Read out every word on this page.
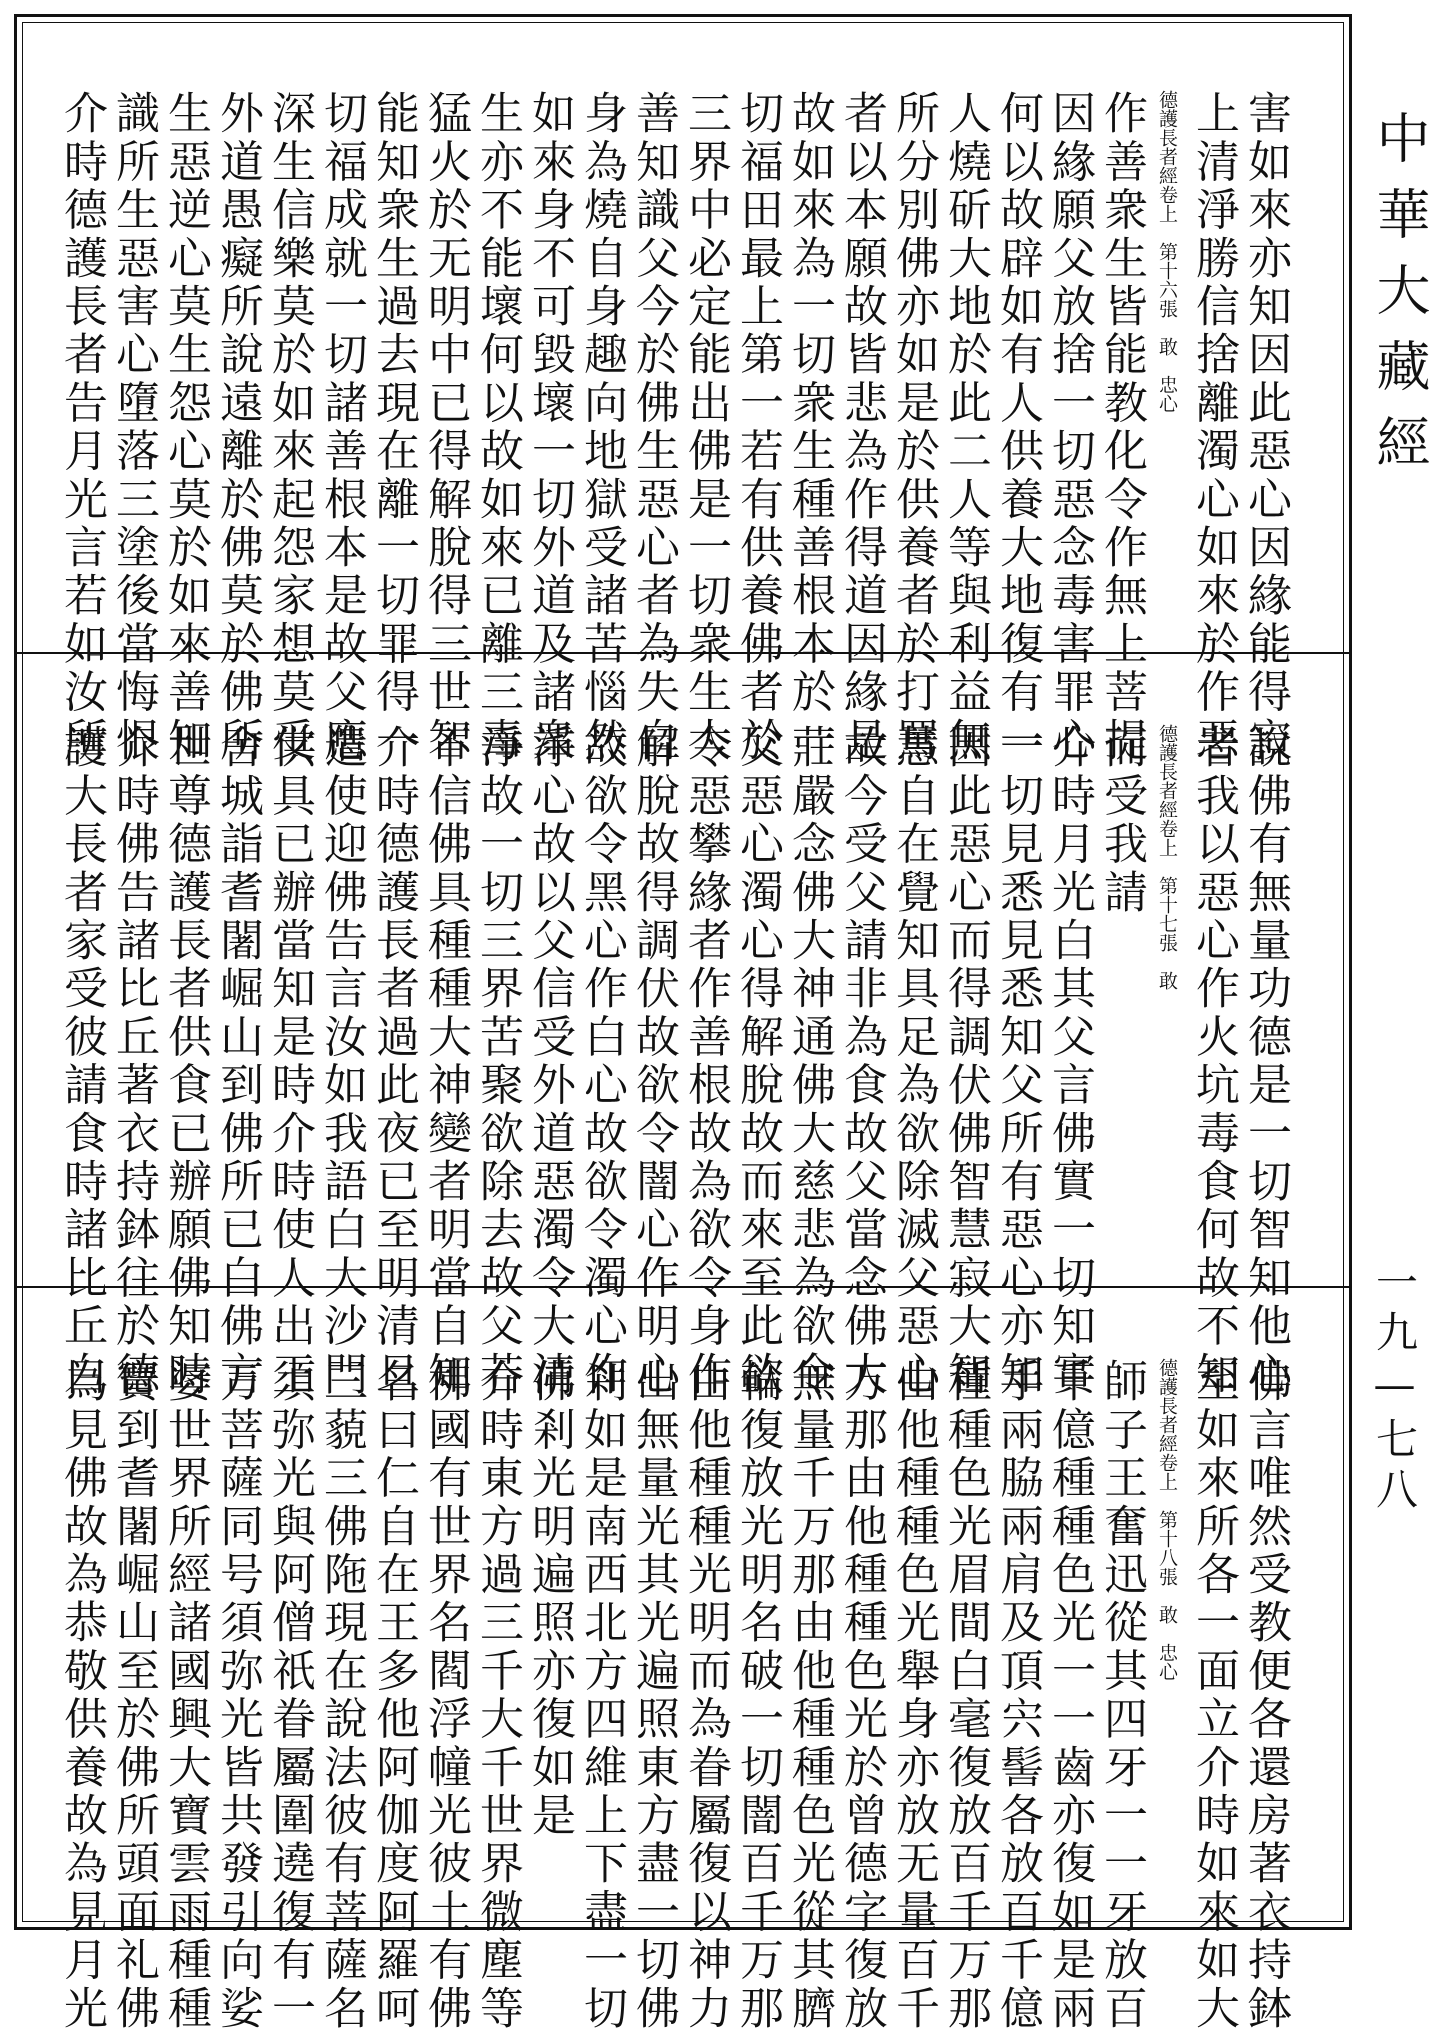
害如來亦知因此惡心因緣能得寂
上清淨勝信捨離濁心如來於作惡
德護長者經卷上　第十六張　敢　忠心
作善衆生皆能教化令作無上菩提
因緣願父放捨一切惡念毒害罪心
何以故辟如有人供養大地復有一
人燒斫大地於此二人等與利益無
所分別佛亦如是於供養者於打罵
者以本願故皆悲為作得道因緣是
故如來為一切衆生種善根本於一
切福田最上第一若有供養佛者於
三界中必定能出佛是一切衆生大
善知識父今於佛生惡心者為失自
身為燒自身趣向地獄受諸苦惱然
如來身不可毀壞一切外道及諸衆
生亦不能壞何以故如來已離三毒
猛火於无明中已得解脫得三世智
能知衆生過去現在離一切罪得一
切福成就一切諸善根本是故父應
深生信樂莫於如來起怨家想莫受
外道愚癡所說遠離於佛莫於佛所
生惡逆心莫生怨心莫於如來善知
識所生惡害心墮落三塗後當悔恨
介時德護長者告月光言若如汝所
說佛有無量功德是一切智知他心
者我以惡心作火坑毒食何故不知
德護長者經卷上　第十七張　敢
而受我請
介時月光白其父言佛實一切知實
一切見悉見悉知父所有惡心亦知
因此惡心而得調伏佛智慧寂大智
慧自在覺知具足為欲除滅父惡心
故今受父請非為食故父當念佛大
莊嚴念佛大神通佛大慈悲為欲令
父惡心濁心得解脫故而來至此欲
令惡攀緣者作善根故為欲令身作
解脫故得調伏故欲令闇心作明心
故欲令黑心作白心故欲令濁心作
淨心故以父信受外道惡濁令大清
淨故一切三界苦聚欲除去故父若
不信佛具種種大神變者明當自知
介時德護長者過此夜已至明清旦
遣使迎佛告言汝如我語白大沙門
供具已辦當知是時介時使人出王
舍城詣耆闍崛山到佛所已白佛言
世尊德護長者供食已辦願佛知時
介時佛告諸比丘著衣持鉢往於德
護大長者家受彼請食時諸比丘白
佛言唯然受教便各還房著衣持鉢
至如來所各一面立介時如來如大
德護長者經卷上　第十八張　敢　忠心
師子王奮迅從其四牙一一牙放百
千億種種色光一一齒亦復如是兩
手兩脇兩肩及頂宍髻各放百千億
種種色光眉間白毫復放百千万那
由他種種色光舉身亦放无量百千
万那由他種種色光於曾德字復放
無量千万那由他種種色光從其臍
輪復放光明名破一切闇百千万那
由他種種光明而為眷屬復以神力
出無量光其光遍照東方盡一切佛
剎如是南西北方四維上下盡一切
佛剎光明遍照亦復如是
介時東方過三千大千世界微塵等
佛國有世界名閻浮幢光彼土有佛
名曰仁自在王多他阿伽度阿羅呵
三藐三佛陁現在說法彼有菩薩名
須弥光與阿僧祇眷屬圍遶復有一
万菩薩同号須弥光皆共發引向娑
婆世界所經諸國興大寶雲雨種種
寶到耆闍崛山至於佛所頭面礼佛
為見佛故為恭敬供養故為見月光
中華大藏經
一九—七八
